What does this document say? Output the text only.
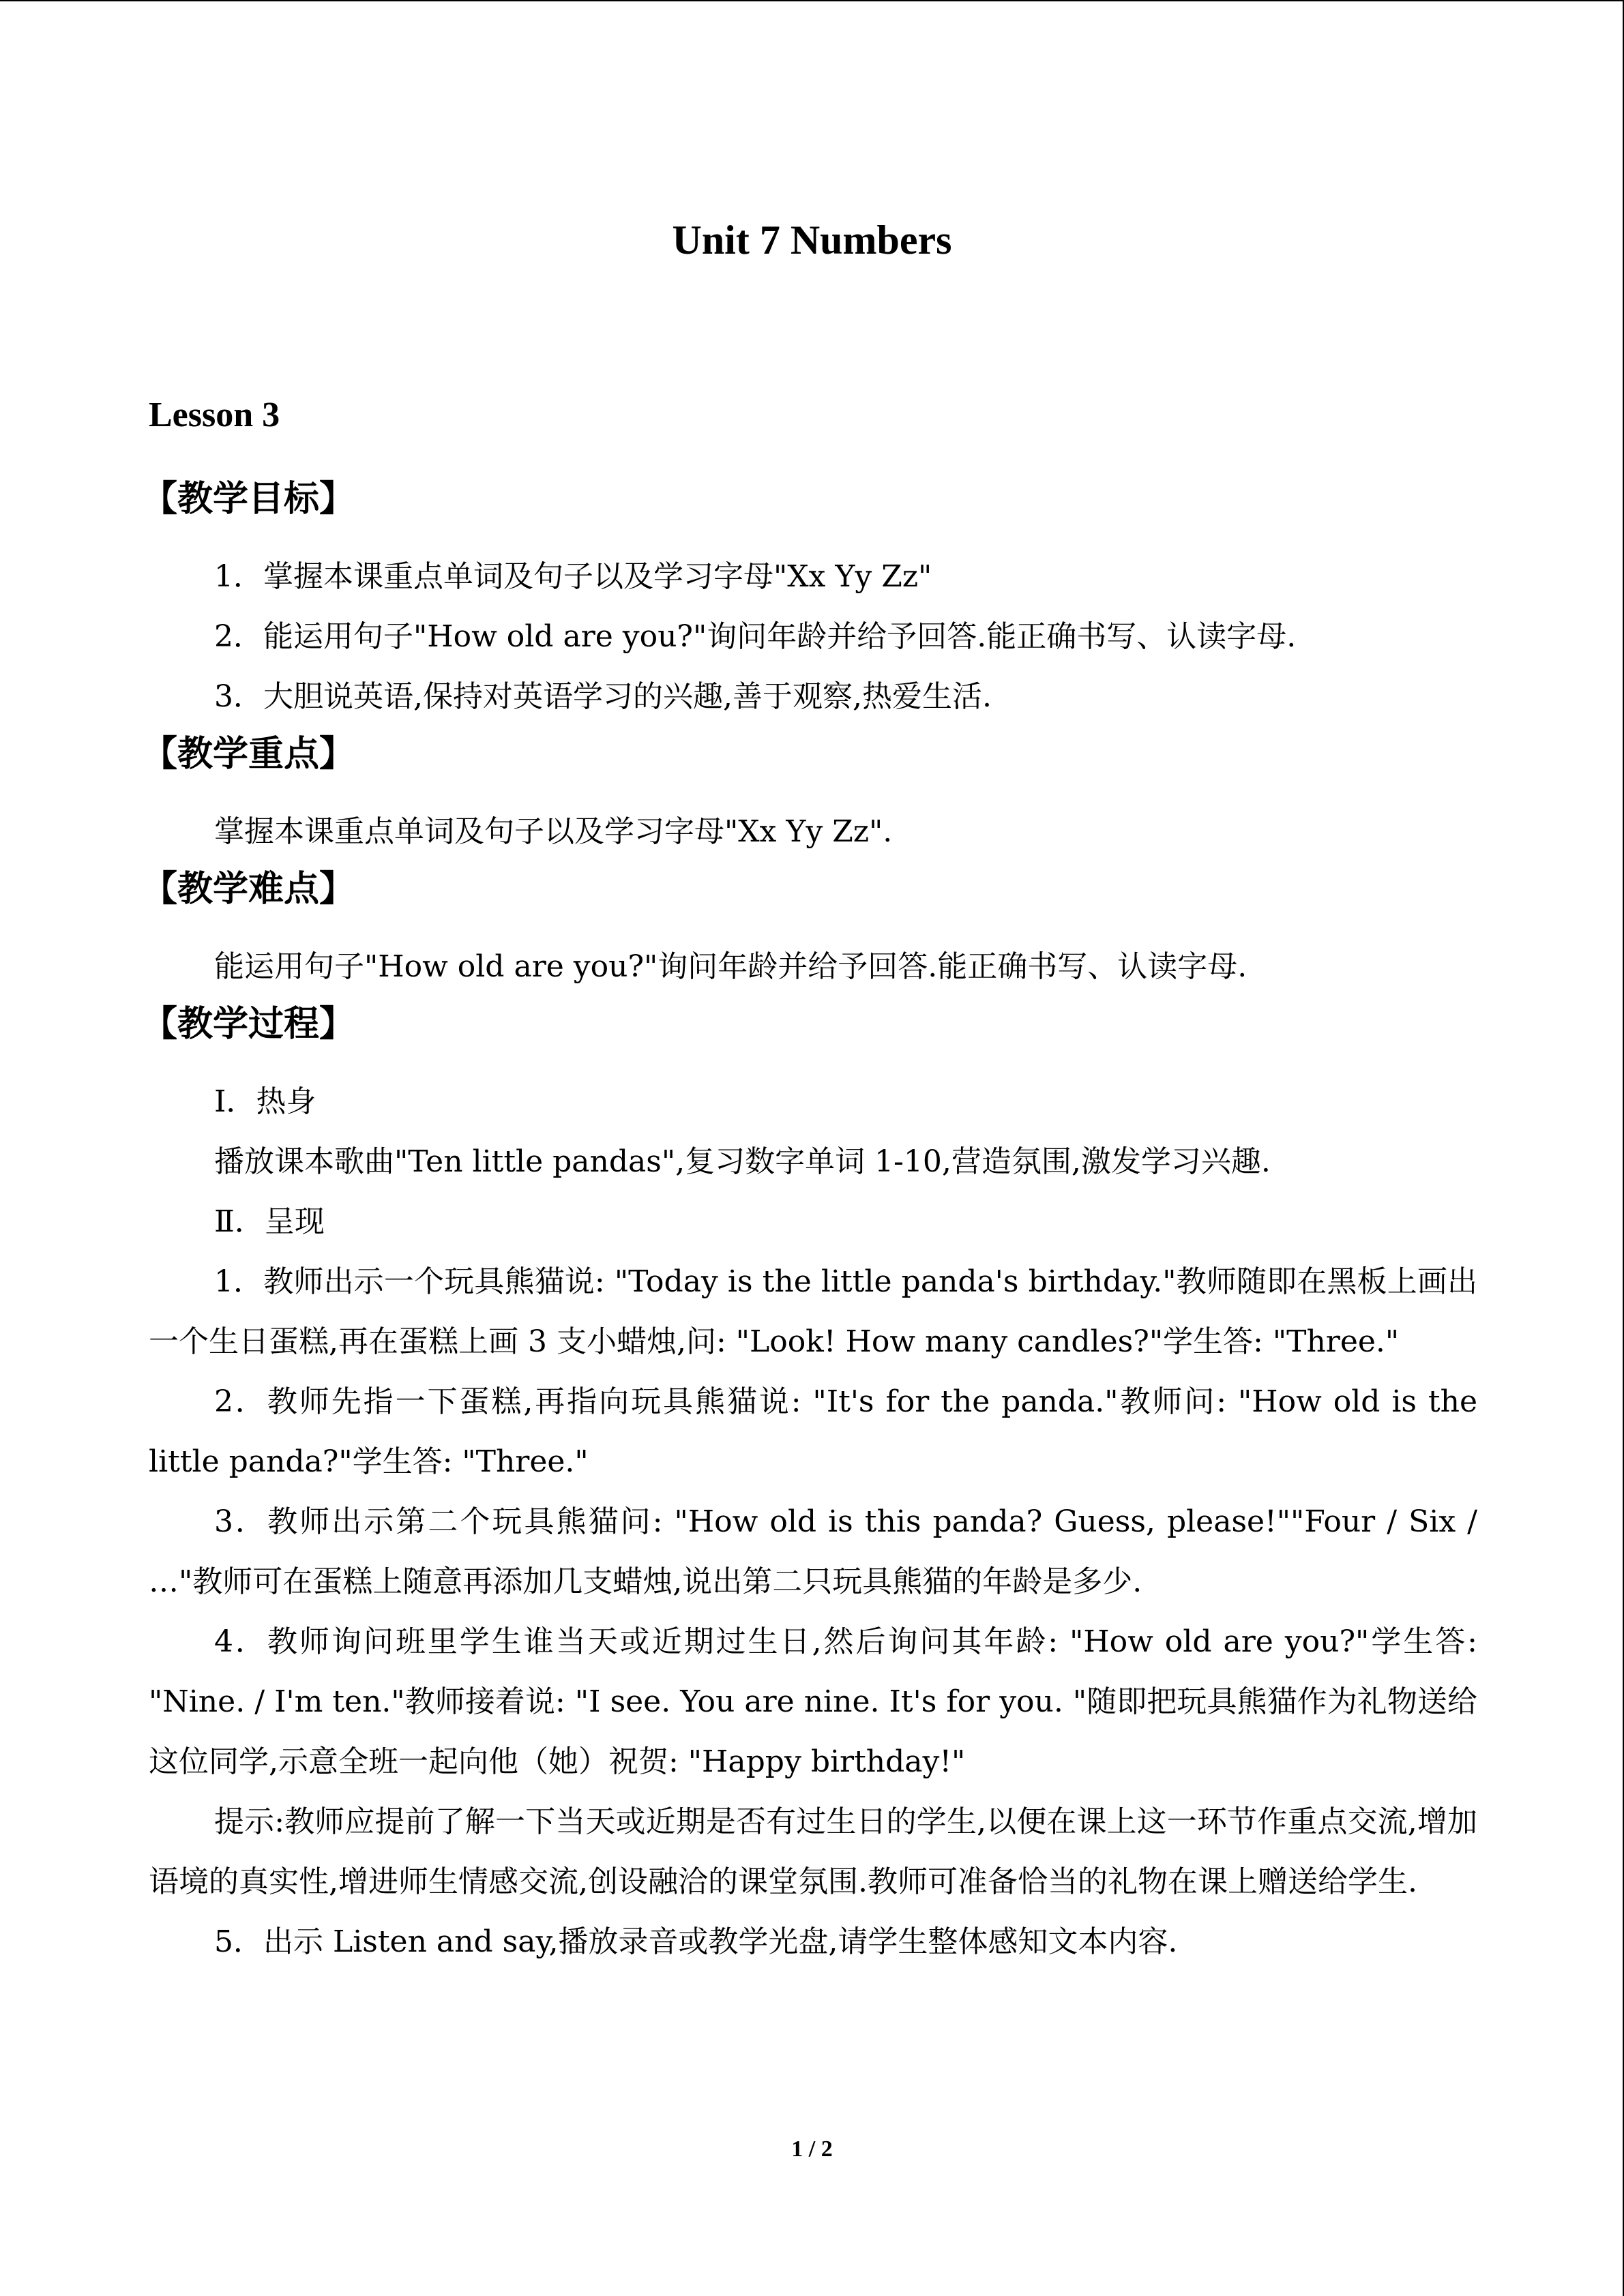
Unit 7 Numbers
Lesson 3
【教学目标】

1．掌握本课重点单词及句子以及学习字母"Xx Yy Zz"

2．能运用句子"How old are you?"询问年龄并给予回答.能正确书写、认读字母.

3．大胆说英语,保持对英语学习的兴趣,善于观察,热爱生活.

【教学重点】

掌握本课重点单词及句子以及学习字母"Xx Yy Zz".

【教学难点】

能运用句子"How old are you?"询问年龄并给予回答.能正确书写、认读字母.

【教学过程】

Ⅰ．热身

播放课本歌曲"Ten little pandas",复习数字单词 1-10,营造氛围,激发学习兴趣.

Ⅱ．呈现

1．教师出示一个玩具熊猫说: "Today is the little panda's birthday."教师随即在黑板上画出一个生日蛋糕,再在蛋糕上画 3 支小蜡烛,问: "Look! How many candles?"学生答: "Three."

2．教师先指一下蛋糕,再指向玩具熊猫说: "It's for the panda."教师问: "How old is the little panda?"学生答: "Three."

3．教师出示第二个玩具熊猫问: "How old is this panda? Guess, please!""Four / Six / …"教师可在蛋糕上随意再添加几支蜡烛,说出第二只玩具熊猫的年龄是多少.

4．教师询问班里学生谁当天或近期过生日,然后询问其年龄: "How old are you?"学生答: "Nine. / I'm ten."教师接着说: "I see. You are nine. It's for you. "随即把玩具熊猫作为礼物送给这位同学,示意全班一起向他（她）祝贺: "Happy birthday!"

提示:教师应提前了解一下当天或近期是否有过生日的学生,以便在课上这一环节作重点交流,增加语境的真实性,增进师生情感交流,创设融洽的课堂氛围.教师可准备恰当的礼物在课上赠送给学生.

5．出示 Listen and say,播放录音或教学光盘,请学生整体感知文本内容.

1 / 2
